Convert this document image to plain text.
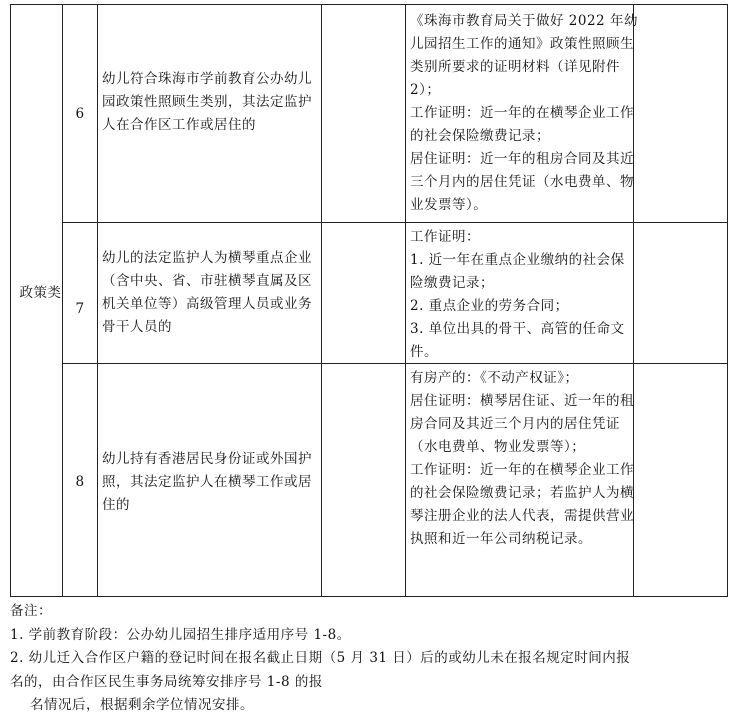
政策类
6
幼儿符合珠海市学前教育公办幼儿园政策性照顾生类别，其法定监护人在合作区工作或居住的

《珠海市教育局关于做好 2022 年幼儿园招生工作的通知》政策性照顾生类别所要求的证明材料（详见附件 2）；

工作证明：近一年的在横琴企业工作的社会保险缴费记录；

居住证明：近一年的租房合同及其近三个月内的居住凭证（水电费单、物业发票等）。

7
幼儿的法定监护人为横琴重点企业（含中央、省、市驻横琴直属及区机关单位等）高级管理人员或业务骨干人员的

工作证明：

1. 近一年在重点企业缴纳的社会保险缴费记录；

2. 重点企业的劳务合同；

3. 单位出具的骨干、高管的任命文件。

8
幼儿持有香港居民身份证或外国护照，其法定监护人在横琴工作或居住的

有房产的：《不动产权证》；

居住证明：横琴居住证、近一年的租房合同及其近三个月内的居住凭证（水电费单、物业发票等）；

工作证明：近一年的在横琴企业工作的社会保险缴费记录；若监护人为横琴注册企业的法人代表，需提供营业执照和近一年公司纳税记录。

备注：
1. 学前教育阶段：公办幼儿园招生排序适用序号 1-8。
2. 幼儿迁入合作区户籍的登记时间在报名截止日期（5 月 31 日）后的或幼儿未在报名规定时间内报
名的，由合作区民生事务局统筹安排序号 1-8 的报
名情况后，根据剩余学位情况安排。
